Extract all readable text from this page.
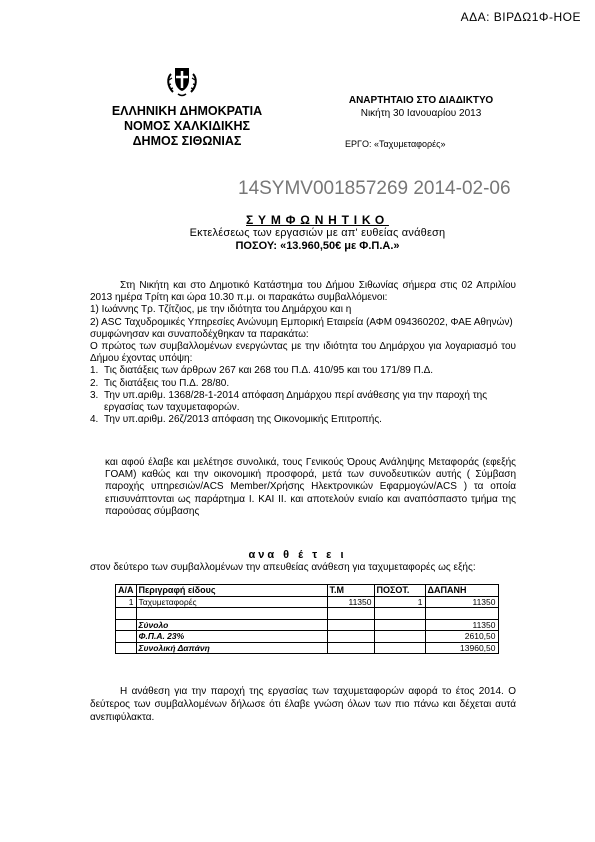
ΑΔΑ: ΒΙΡΔΩ1Φ-ΗΟΕ
ΕΛΛΗΝΙΚΗ ΔΗΜΟΚΡΑΤΙΑ
ΝΟΜΟΣ ΧΑΛΚΙΔΙΚΗΣ
ΔΗΜΟΣ ΣΙΘΩΝΙΑΣ
ΑΝΑΡΤΗΤΑΙΟ ΣΤΟ ΔΙΑΔΙΚΤΥΟ
Νικήτη 30 Ιανουαρίου 2013
ΕΡΓΟ: «Ταχυμεταφορές»
14SYMV001857269 2014-02-06
ΣΥΜΦΩΝΗΤΙΚΟ
Εκτελέσεως των εργασιών με απ' ευθείας ανάθεση
ΠΟΣΟΥ: «13.960,50€ με Φ.Π.Α.»

Στη Νικήτη και στο Δημοτικό Κατάστημα του Δήμου Σιθωνίας σήμερα στις 02 Απριλίου 2013 ημέρα Τρίτη και ώρα 10.30 π.μ. οι παρακάτω συμβαλλόμενοι:

1) Ιωάννης Τρ. Τζίτζιος, με την ιδιότητα του Δημάρχου και η

2) ASC Ταχυδρομικές Υπηρεσίες Ανώνυμη Εμπορική Εταιρεία (ΑΦΜ 094360202, ΦΑΕ Αθηνών)

συμφώνησαν και συναποδέχθηκαν τα παρακάτω:

Ο πρώτος των συμβαλλομένων ενεργώντας με την ιδιότητα του Δημάρχου για λογαριασμό του Δήμου έχοντας υπόψη:

1. Τις διατάξεις των άρθρων 267 και 268 του Π.Δ. 410/95 και του 171/89 Π.Δ.
2. Τις διατάξεις του Π.Δ. 28/80.
3. Την υπ.αριθμ. 1368/28-1-2014 απόφαση Δημάρχου περί ανάθεσης για την παροχή της εργασίας των ταχυμεταφορών.
4. Την υπ.αριθμ. 26ζ/2013 απόφαση της Οικονομικής Επιτροπής.
και αφού έλαβε και μελέτησε συνολικά, τους Γενικούς Όρους Ανάληψης Μεταφοράς (εφεξής ΓΟΑΜ) καθώς και την οικονομική προσφορά, μετά των συνοδευτικών αυτής ( Σύμβαση παροχής υπηρεσιών/ACS Member/Χρήσης Ηλεκτρονικών Εφαρμογών/ACS ) τα οποία επισυνάπτονται ως παράρτημα Ι. ΚΑΙ ΙΙ. και αποτελούν ενιαίο και αναπόσπαστο τμήμα της παρούσας σύμβασης
ανα θ έ τ ε ι
στον δεύτερο των συμβαλλομένων την απευθείας ανάθεση για ταχυμεταφορές ως εξής:
Α/Α	Περιγραφή είδους	Τ.Μ	ΠΟΣΟΤ.	ΔΑΠΑΝΗ
1	Ταχυμεταφορές	11350	1	11350

	Σύνολο			11350
	Φ.Π.Α. 23%			2610,50
	Συνολική Δαπάνη			13960,50
Η ανάθεση για την παροχή της εργασίας των ταχυμεταφορών αφορά το έτος 2014. Ο δεύτερος των συμβαλλομένων δήλωσε ότι έλαβε γνώση όλων των πιο πάνω και δέχεται αυτά ανεπιφύλακτα.
